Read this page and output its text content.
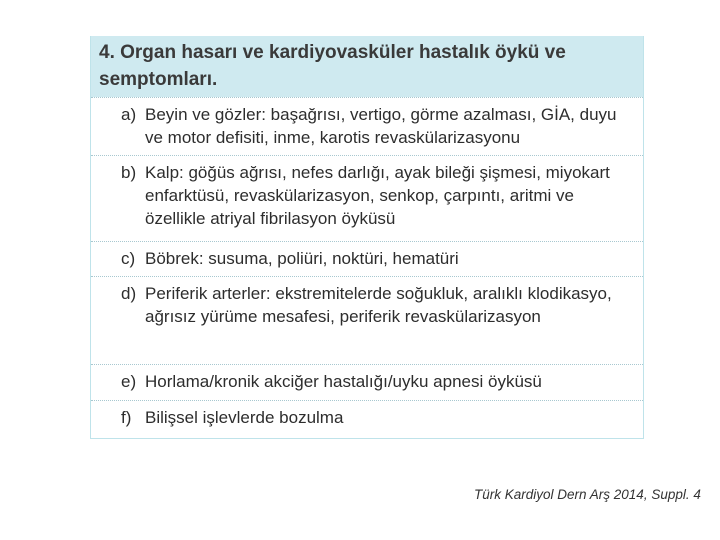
4. Organ hasarı ve kardiyovasküler hastalık öykü ve semptomları.
a) Beyin ve gözler: başağrısı, vertigo, görme azalması, GİA, duyu ve motor defisiti, inme, karotis revaskülarizasyonu
b) Kalp: göğüs ağrısı, nefes darlığı, ayak bileği şişmesi, miyokart enfarktüsü, revaskülarizasyon, senkop, çarpıntı, aritmi ve özellikle atriyal fibrilasyon öyküsü
c) Böbrek: susuma, poliüri, noktüri, hematüri
d) Periferik arterler: ekstremitelerde soğukluk, aralıklı klodikasyo, ağrısız yürüme mesafesi, periferik revaskülarizasyon
e) Horlama/kronik akciğer hastalığı/uyku apnesi öyküsü
f) Bilişsel işlevlerde bozulma
Türk Kardiyol Dern Arş 2014, Suppl. 4
